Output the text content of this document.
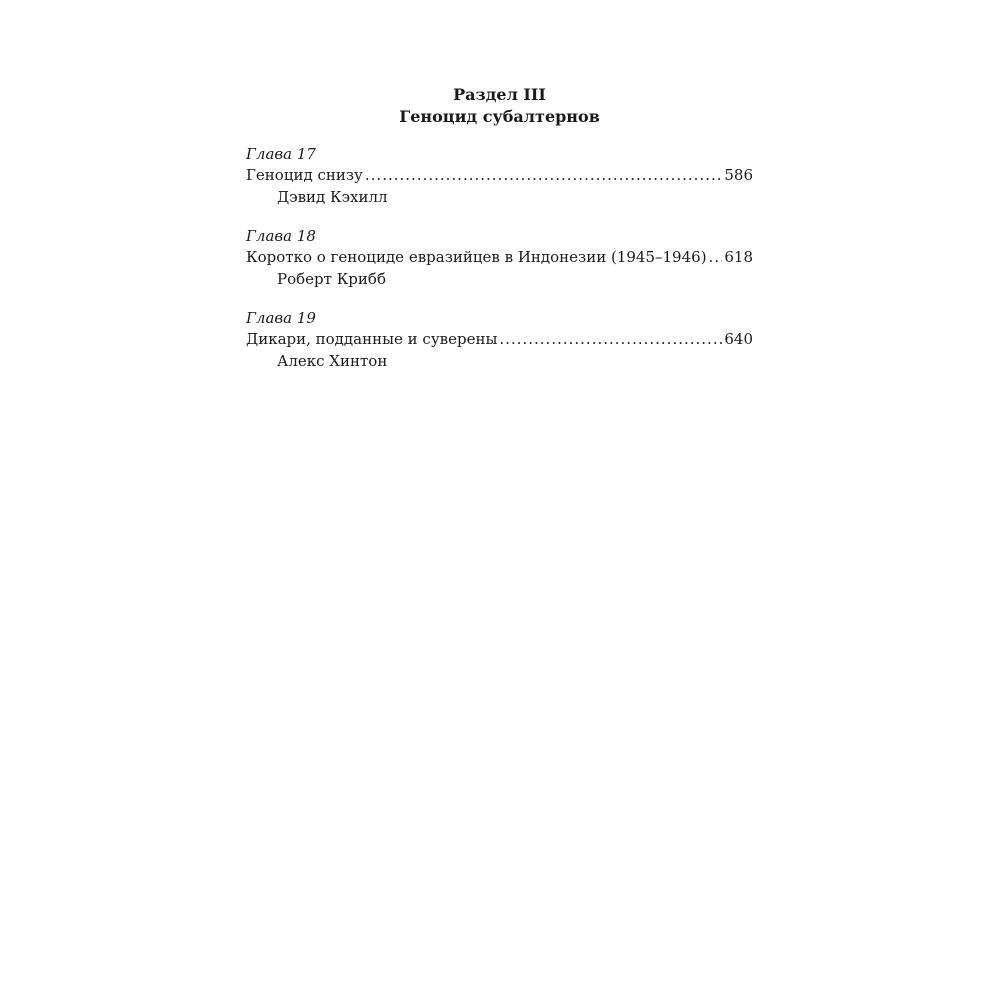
Раздел III
Геноцид субалтернов
Глава 17
Геноцид снизу .....	586
Дэвид Кэхилл
Глава 18
Коротко о геноциде евразийцев в Индонезии (1945–1946) ..... 618
Роберт Крибб
Глава 19
Дикари, подданные и суверены .....	640
Алекс Хинтон
